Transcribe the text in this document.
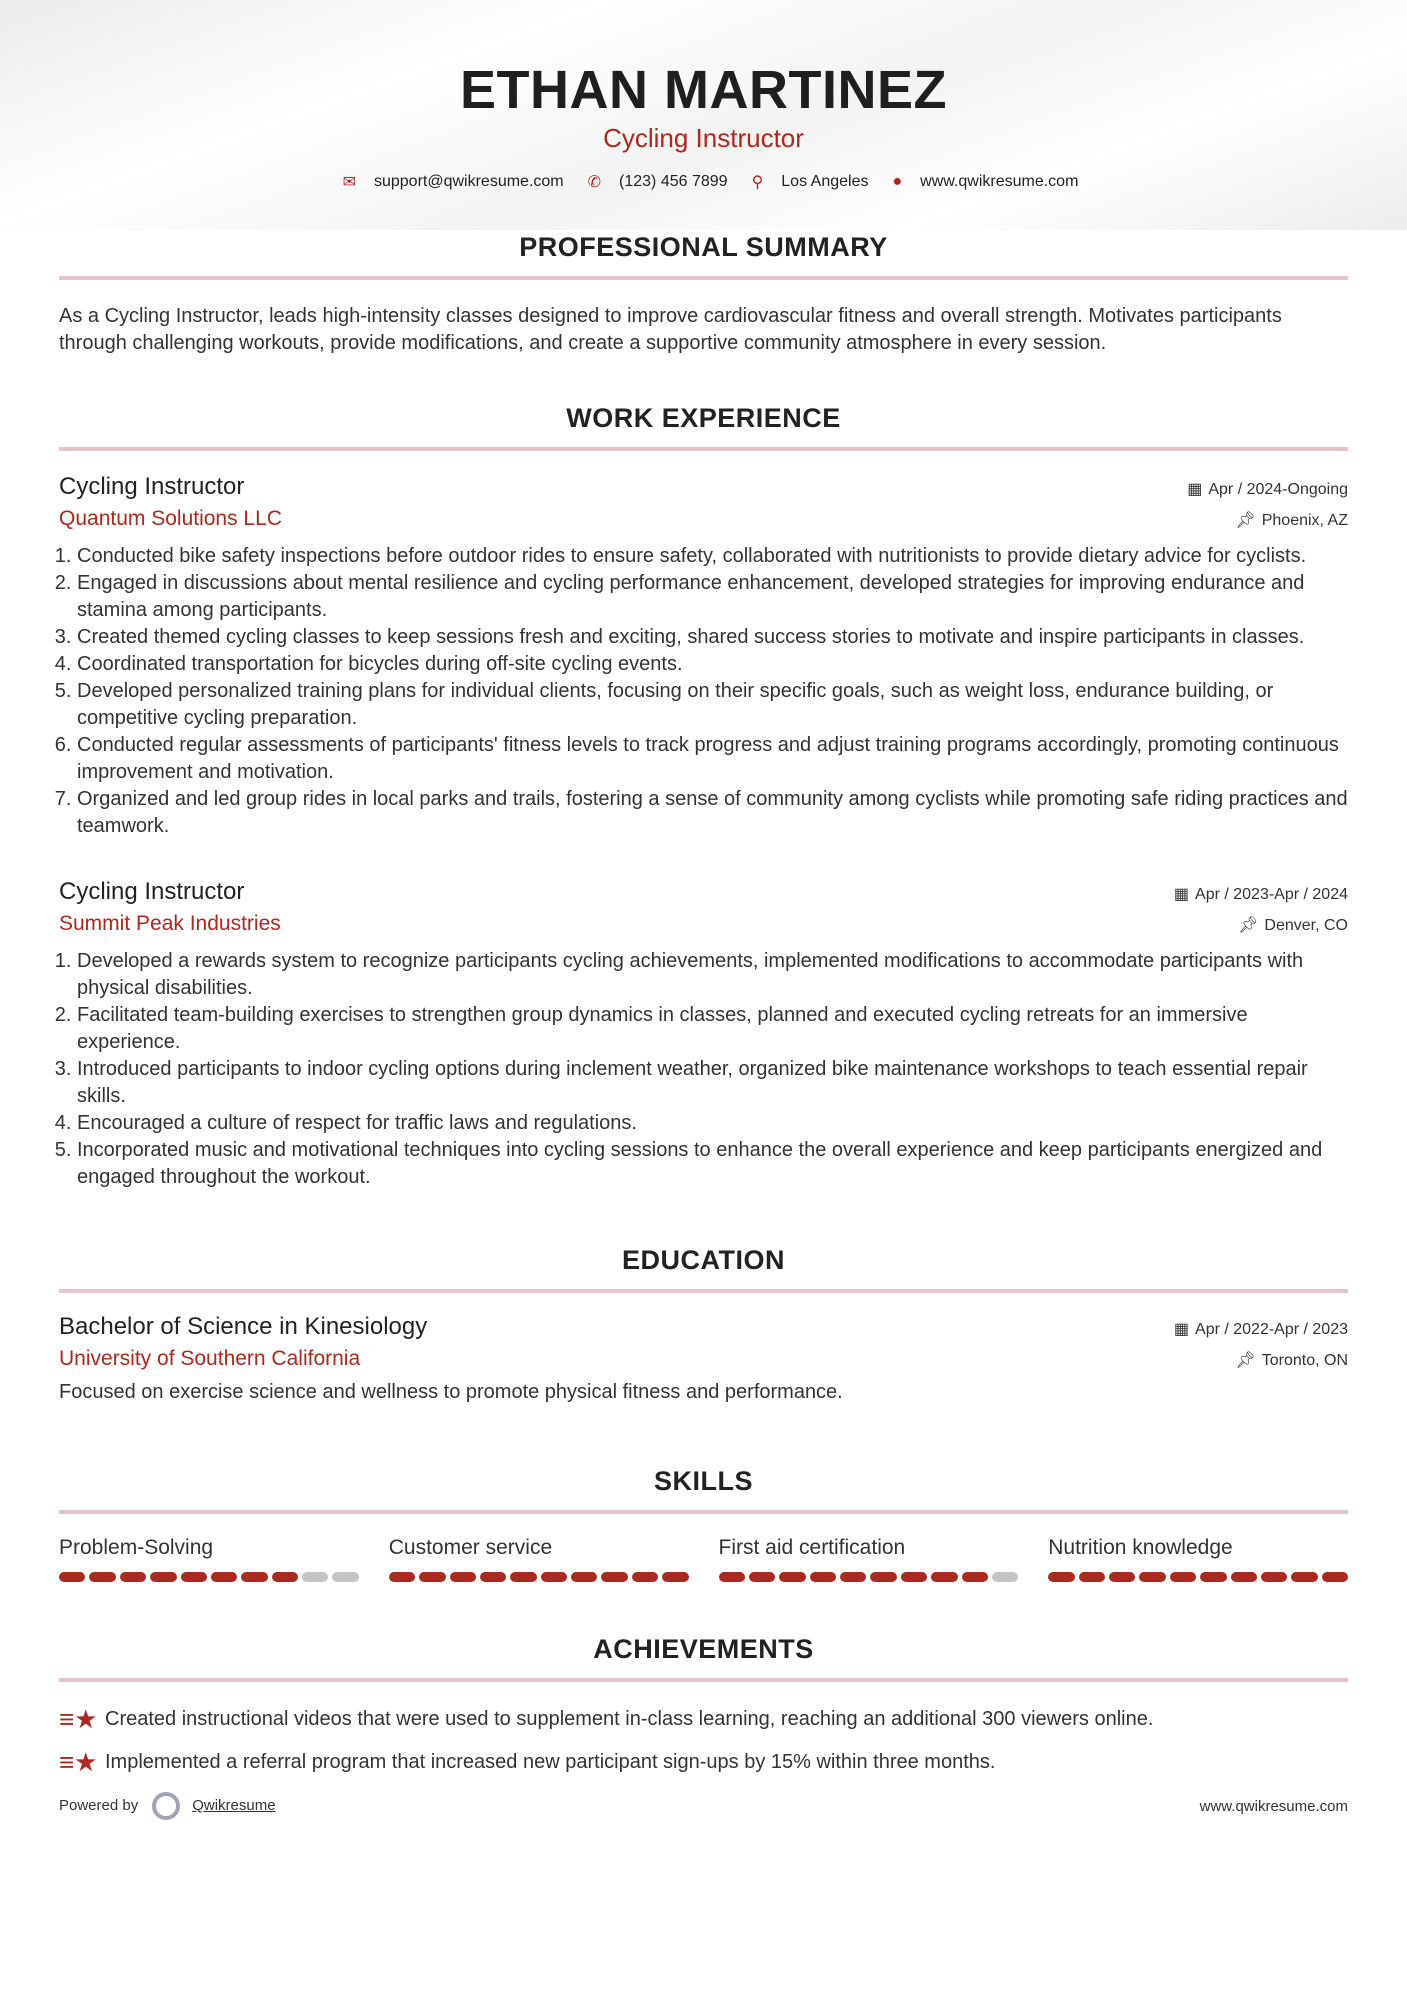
ETHAN MARTINEZ
Cycling Instructor
✉ support@qwikresume.com ✆ (123) 456 7899 ⚲ Los Angeles ● www.qwikresume.com
PROFESSIONAL SUMMARY
As a Cycling Instructor, leads high-intensity classes designed to improve cardiovascular fitness and overall strength. Motivates participants through challenging workouts, provide modifications, and create a supportive community atmosphere in every session.
WORK EXPERIENCE
Cycling Instructor	▦ Apr / 2024-Ongoing
Quantum Solutions LLC	📌︎ Phoenix, AZ
1. Conducted bike safety inspections before outdoor rides to ensure safety, collaborated with nutritionists to provide dietary advice for cyclists.
2. Engaged in discussions about mental resilience and cycling performance enhancement, developed strategies for improving endurance and stamina among participants.
3. Created themed cycling classes to keep sessions fresh and exciting, shared success stories to motivate and inspire participants in classes.
4. Coordinated transportation for bicycles during off-site cycling events.
5. Developed personalized training plans for individual clients, focusing on their specific goals, such as weight loss, endurance building, or competitive cycling preparation.
6. Conducted regular assessments of participants' fitness levels to track progress and adjust training programs accordingly, promoting continuous improvement and motivation.
7. Organized and led group rides in local parks and trails, fostering a sense of community among cyclists while promoting safe riding practices and teamwork.
Cycling Instructor	▦ Apr / 2023-Apr / 2024
Summit Peak Industries	📌︎ Denver, CO
1. Developed a rewards system to recognize participants cycling achievements, implemented modifications to accommodate participants with physical disabilities.
2. Facilitated team-building exercises to strengthen group dynamics in classes, planned and executed cycling retreats for an immersive experience.
3. Introduced participants to indoor cycling options during inclement weather, organized bike maintenance workshops to teach essential repair skills.
4. Encouraged a culture of respect for traffic laws and regulations.
5. Incorporated music and motivational techniques into cycling sessions to enhance the overall experience and keep participants energized and engaged throughout the workout.
EDUCATION
Bachelor of Science in Kinesiology	▦ Apr / 2022-Apr / 2023
University of Southern California	📌︎ Toronto, ON
Focused on exercise science and wellness to promote physical fitness and performance.
SKILLS
Problem-Solving	Customer service	First aid certification	Nutrition knowledge
ACHIEVEMENTS
≡★ Created instructional videos that were used to supplement in-class learning, reaching an additional 300 viewers online.
≡★ Implemented a referral program that increased new participant sign-ups by 15% within three months.
Powered by	Qwikresume	www.qwikresume.com
